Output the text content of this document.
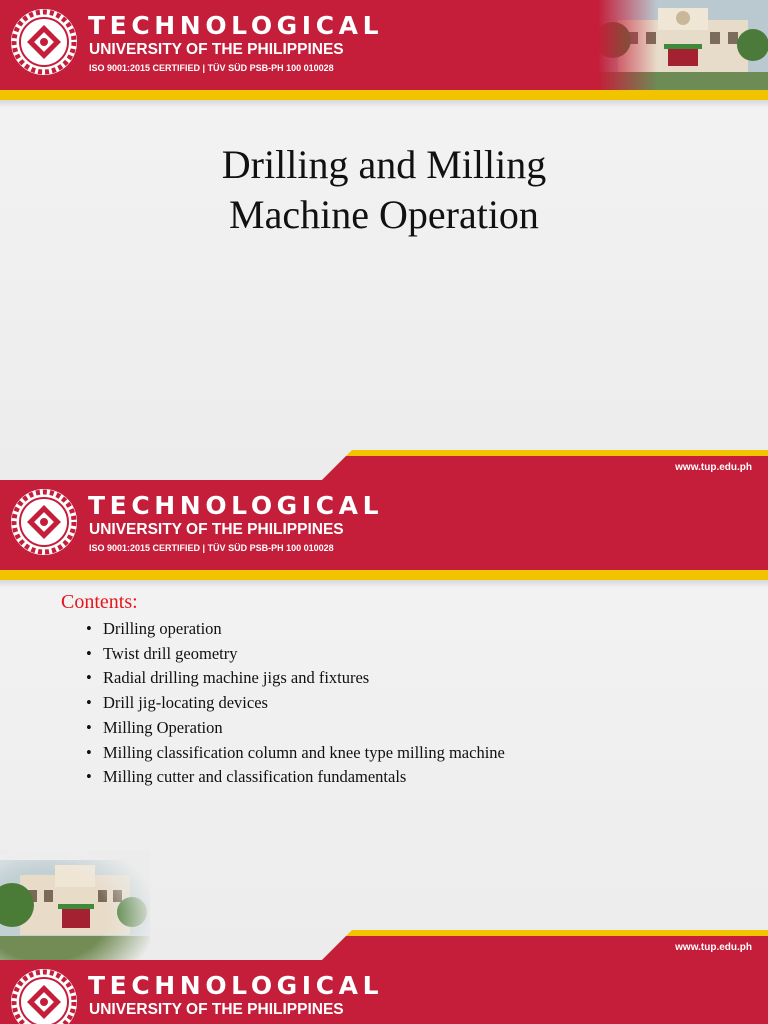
TECHNOLOGICAL
UNIVERSITY OF THE PHILIPPINES
ISO 9001:2015 CERTIFIED | TÜV SÜD PSB-PH 100 010028
Drilling and Milling
Machine Operation
www.tup.edu.ph
TECHNOLOGICAL
UNIVERSITY OF THE PHILIPPINES
ISO 9001:2015 CERTIFIED | TÜV SÜD PSB-PH 100 010028
Contents:
• Drilling operation
• Twist drill geometry
• Radial drilling machine jigs and fixtures
• Drill jig-locating devices
• Milling Operation
• Milling classification column and knee type milling machine
• Milling cutter and classification fundamentals
www.tup.edu.ph
TECHNOLOGICAL
UNIVERSITY OF THE PHILIPPINES
